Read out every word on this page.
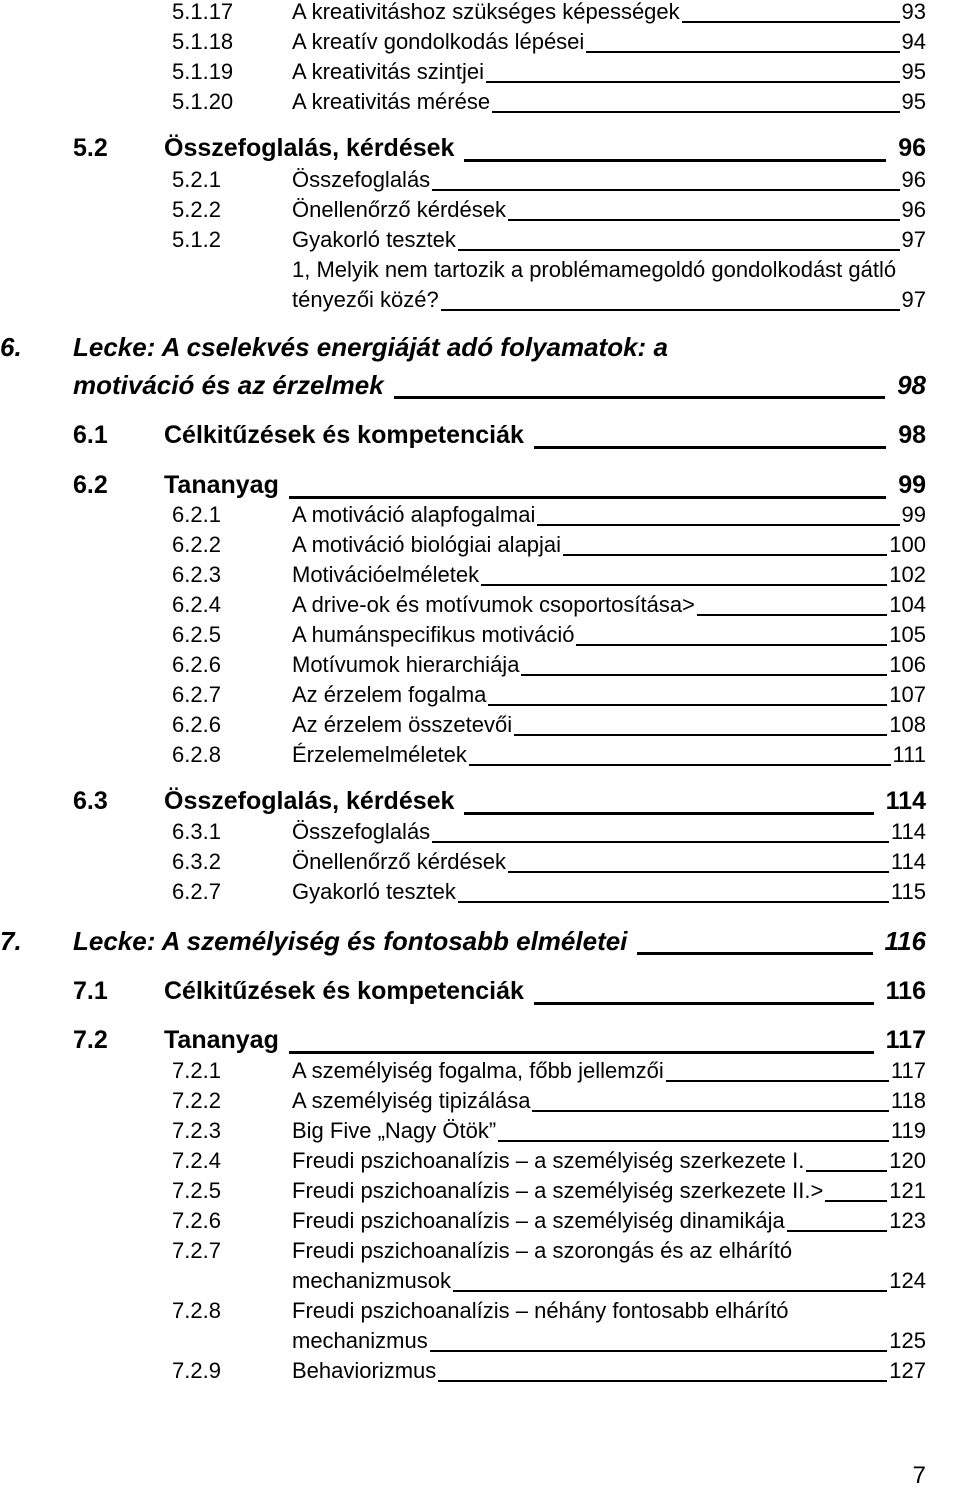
5.1.17	A kreativitáshoz szükséges képességek	93
5.1.18	A kreatív gondolkodás lépései	94
5.1.19	A kreativitás szintjei	95
5.1.20	A kreativitás mérése	95
5.2 Összefoglalás, kérdések	96
5.2.1	Összefoglalás	96
5.2.2	Önellenőrző kérdések	96
5.1.2	Gyakorló tesztek	97
1, Melyik nem tartozik a problémamegoldó gondolkodást gátló
tényezői közé?	97
6. Lecke: A cselekvés energiáját adó folyamatok: a
motiváció és az érzelmek	98
6.1 Célkitűzések és kompetenciák	98
6.2 Tananyag	99
6.2.1	A motiváció alapfogalmai	99
6.2.2	A motiváció biológiai alapjai	100
6.2.3	Motivációelméletek	102
6.2.4	A drive-ok és motívumok csoportosítása>	104
6.2.5	A humánspecifikus motiváció	105
6.2.6	Motívumok hierarchiája	106
6.2.7	Az érzelem fogalma	107
6.2.6	Az érzelem összetevői	108
6.2.8	Érzelemelméletek	111
6.3 Összefoglalás, kérdések	114
6.3.1	Összefoglalás	114
6.3.2	Önellenőrző kérdések	114
6.2.7	Gyakorló tesztek	115
7. Lecke: A személyiség és fontosabb elméletei	116
7.1 Célkitűzések és kompetenciák	116
7.2 Tananyag	117
7.2.1	A személyiség fogalma, főbb jellemzői	117
7.2.2	A személyiség tipizálása	118
7.2.3	Big Five „Nagy Ötök”	119
7.2.4	Freudi pszichoanalízis – a személyiség szerkezete I.	120
7.2.5	Freudi pszichoanalízis – a személyiség szerkezete II.>	121
7.2.6	Freudi pszichoanalízis – a személyiség dinamikája	123
7.2.7	Freudi pszichoanalízis – a szorongás és az elhárító
mechanizmusok	124
7.2.8	Freudi pszichoanalízis – néhány fontosabb elhárító
mechanizmus	125
7.2.9	Behaviorizmus	127
7
